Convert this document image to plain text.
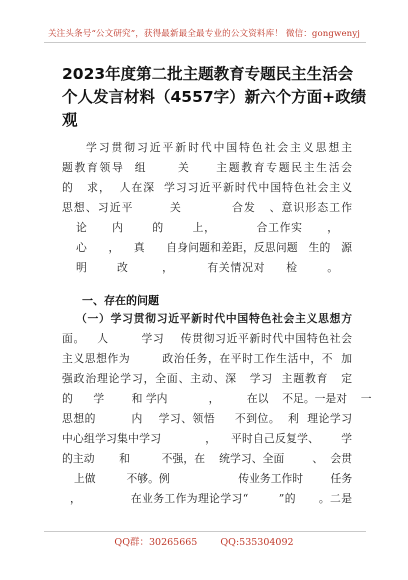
关注头条号“公文研究”，获得最新最全最专业的公文资料库！ 微信：gongwenyj
2023年度第二批主题教育专题民主生活会
个人发言材料（4557字）新六个方面+政绩
观
学习贯彻习近平新时代中国特色社会主义思想主
题教育领导  组      关     主题教育专题民主生活会
的   求，  人在深  学习习近平新时代中国特色社会主义
思想、习近平        关           合发   、意识形态工作
论      内       的       上，          合工作实      ，
心      ，    真      自身问题和差距，反思问题   生的   源
明       改        ，        有关情况对     检       。
一、存在的问题
（一）学习贯彻习近平新时代中国特色社会主义思想方
面。   人        学习    传贯彻习近平新时代中国特色社会
主义思想作为        政治任务，在平时工作生活中，不  加
强政治理论学习，全面、主动、深   学习  主题教育   定
的      学        和 学内            ，        在以    不足。一是对    一
思想的         内    学习、领悟     不到位。  利  理论学习
中心组学习集中学习            ，    平时自己反复学、      学
的主动       和         不强，在    统学习、全面        、  会贯
上做         不够。例                    传业务工作时        任务
，             在业务工作为理论学习“        ”的      。二是
QQ群：30265665 QQ:535304092
